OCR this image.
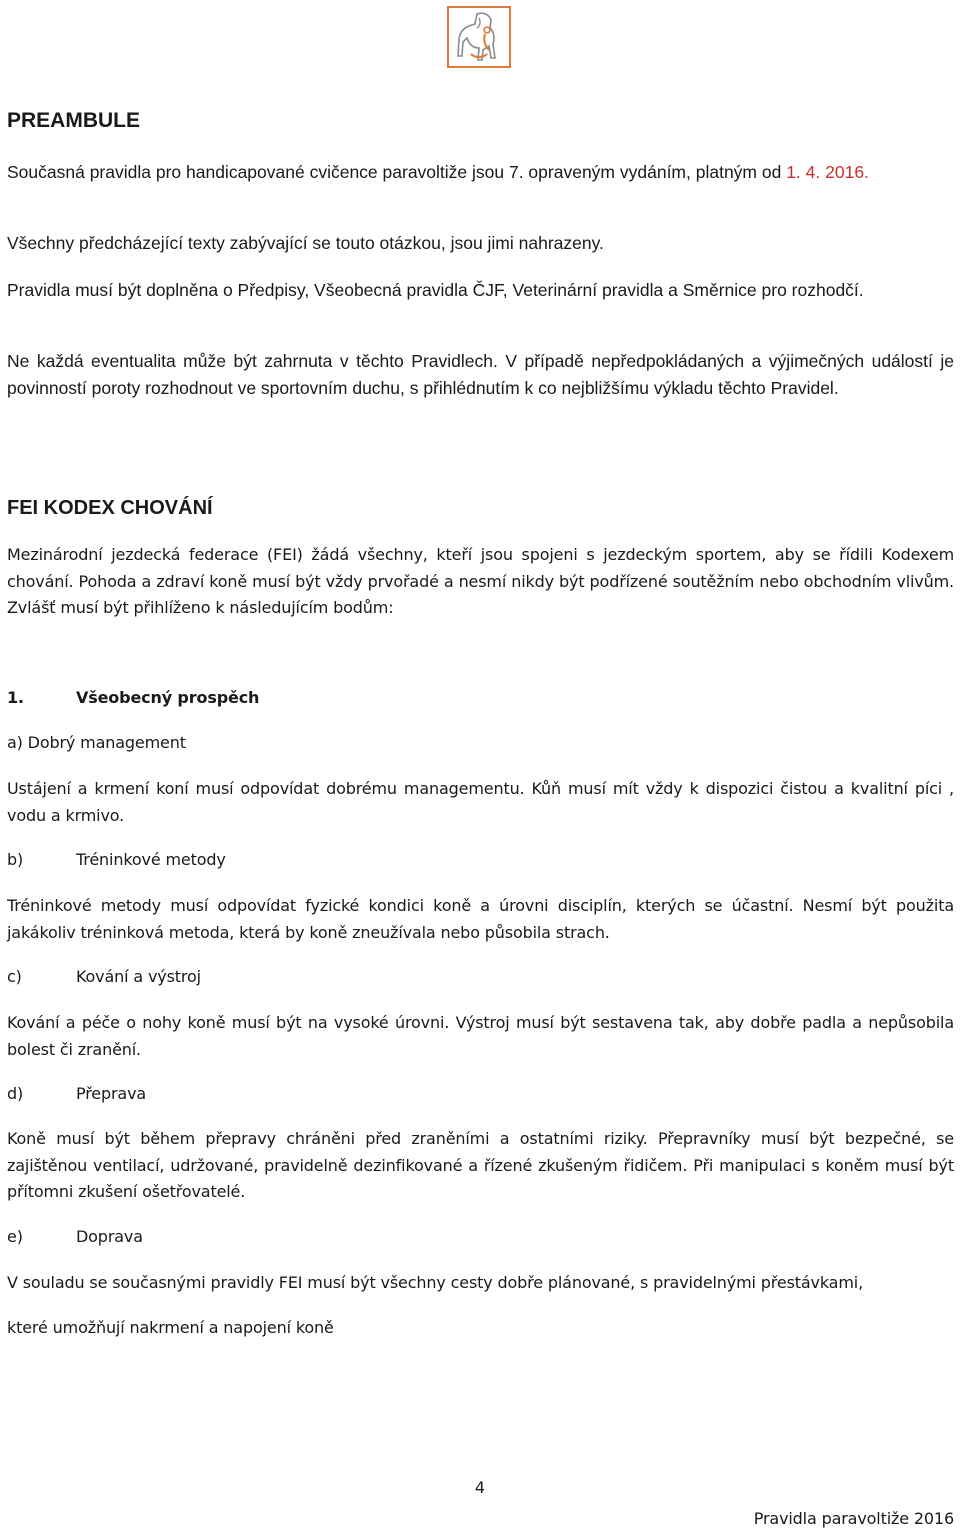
PREAMBULE

Současná pravidla pro handicapované cvičence paravoltiže jsou 7. opraveným vydáním, platným od 1. 4. 2016.

Všechny předcházející texty zabývající se touto otázkou, jsou jimi nahrazeny.

Pravidla musí být doplněna o Předpisy, Všeobecná pravidla ČJF, Veterinární pravidla a Směrnice pro rozhodčí.

Ne každá eventualita může být zahrnuta v těchto Pravidlech. V případě nepředpokládaných a výjimečných událostí je povinností poroty rozhodnout ve sportovním duchu, s přihlédnutím k co nejbližšímu výkladu těchto Pravidel.

FEI KODEX CHOVÁNÍ

Mezinárodní jezdecká federace (FEI) žádá všechny, kteří jsou spojeni s jezdeckým sportem, aby se řídili Kodexem chování. Pohoda a zdraví koně musí být vždy prvořadé a nesmí nikdy být podřízené soutěžním nebo obchodním vlivům. Zvlášť musí být přihlíženo k následujícím bodům:

1.	Všeobecný prospěch
a) Dobrý management

Ustájení a krmení koní musí odpovídat dobrému managementu. Kůň musí mít vždy k dispozici čistou a kvalitní píci , vodu a krmivo.

b)	Tréninkové metody

Tréninkové metody musí odpovídat fyzické kondici koně a úrovni disciplín, kterých se účastní. Nesmí být použita jakákoliv tréninková metoda, která by koně zneužívala nebo působila strach.

c)	Kování a výstroj

Kování a péče o nohy koně musí být na vysoké úrovni. Výstroj musí být sestavena tak, aby dobře padla a nepůsobila bolest či zranění.

d)	Přeprava

Koně musí být během přepravy chráněni před zraněními a ostatními riziky. Přepravníky musí být bezpečné, se zajištěnou ventilací, udržované, pravidelně dezinfikované a řízené zkušeným řidičem. Při manipulaci s koněm musí být přítomni zkušení ošetřovatelé.

e)	Doprava

V souladu se současnými pravidly FEI musí být všechny cesty dobře plánované, s pravidelnými přestávkami,

které umožňují nakrmení a napojení koně

4
Pravidla paravoltiže 2016
